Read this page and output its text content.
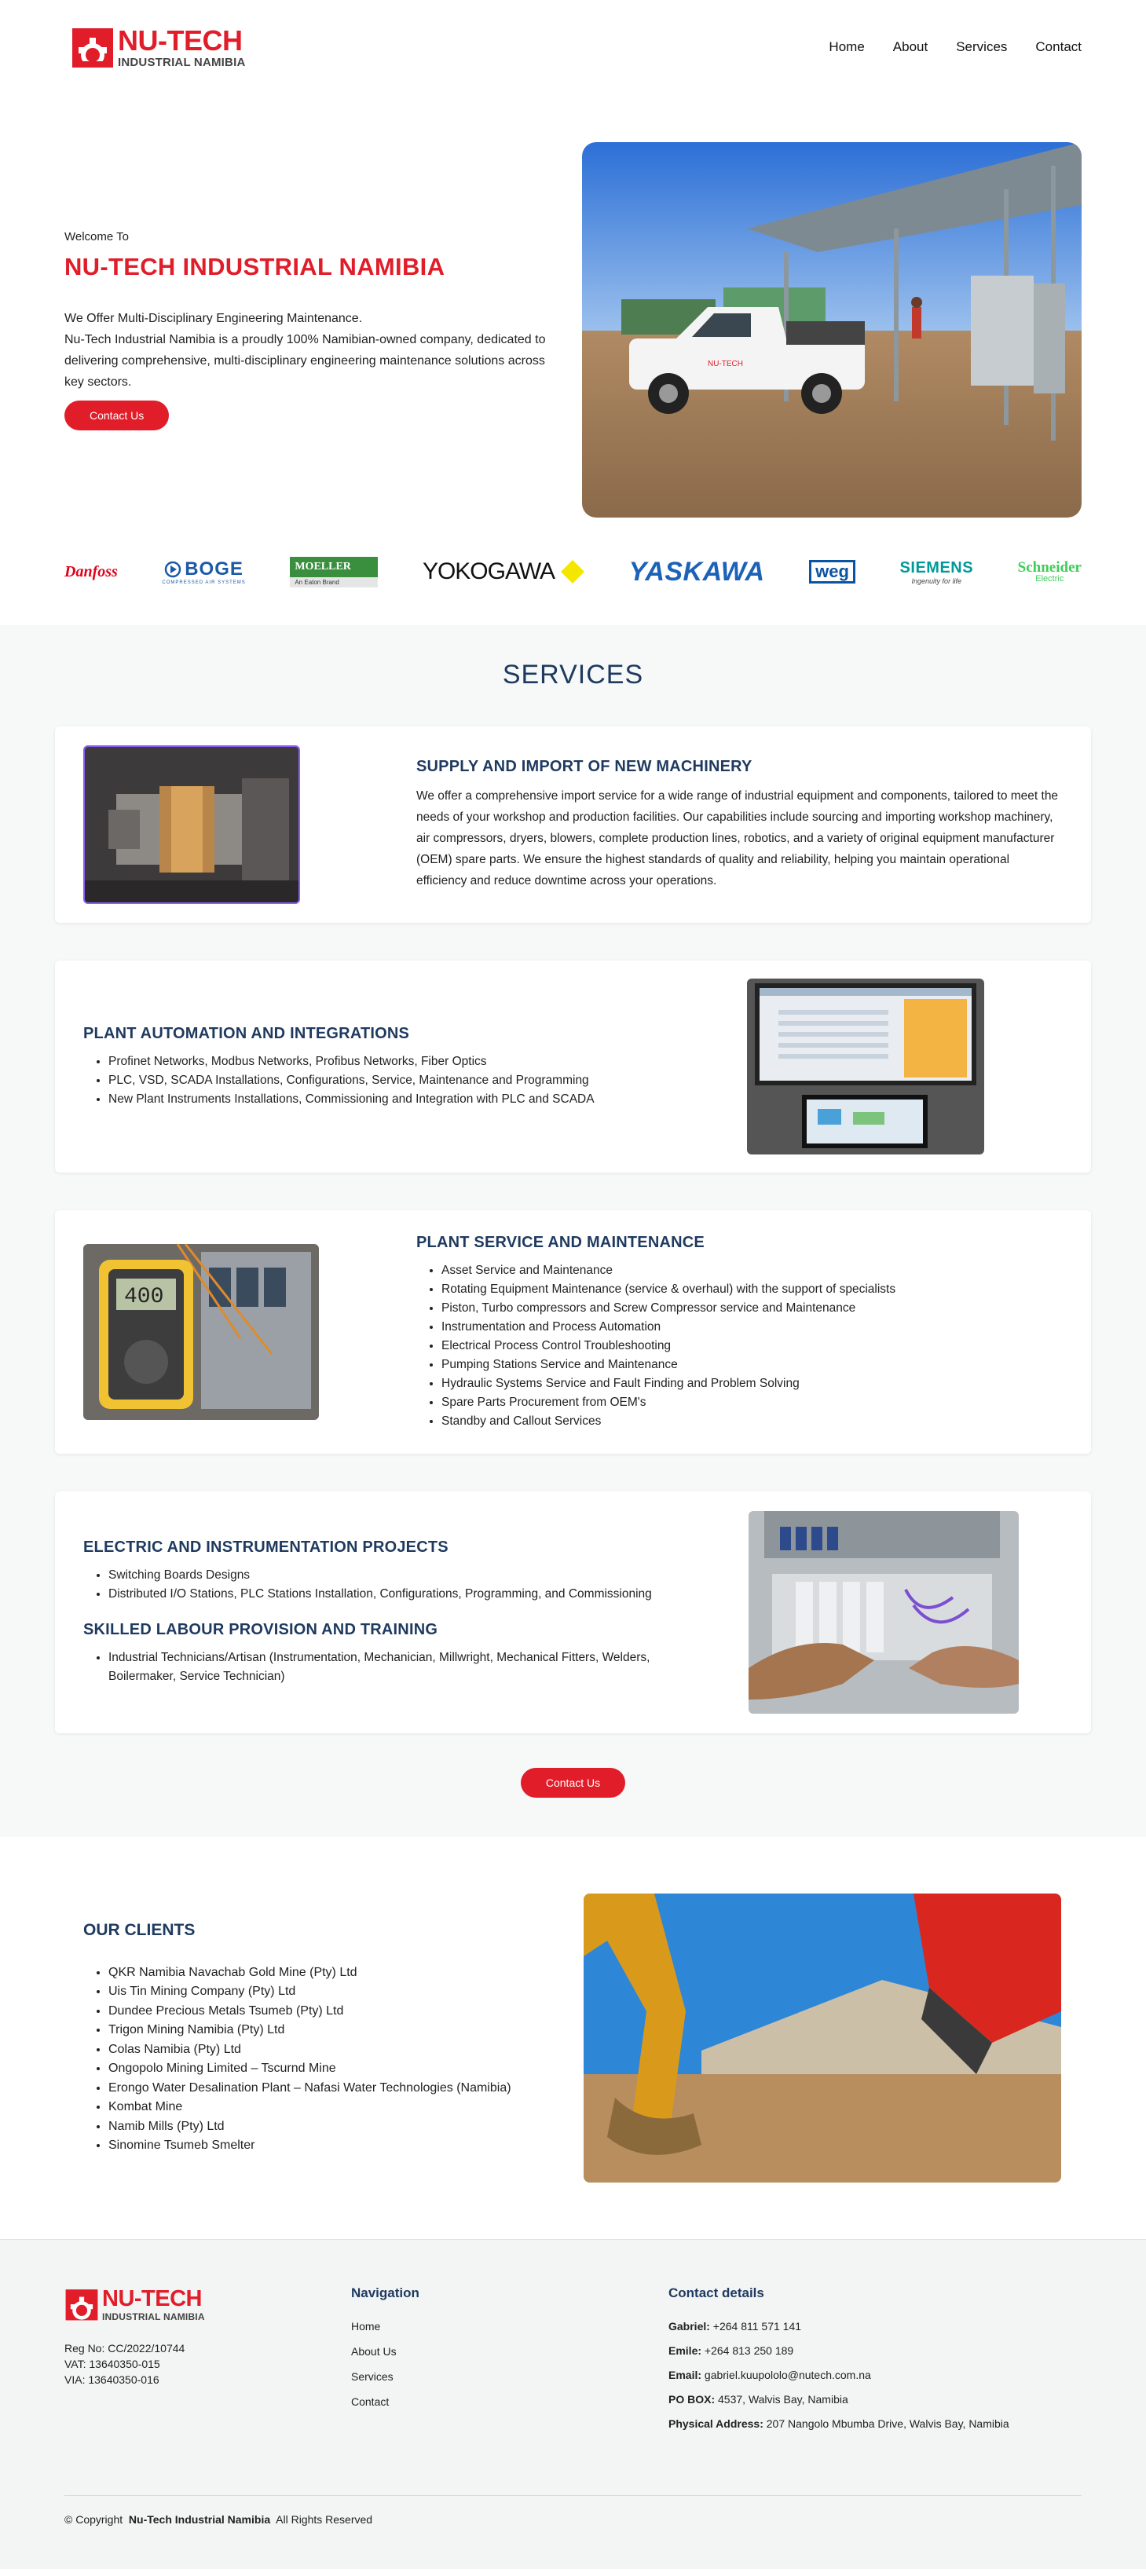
NU-TECH
INDUSTRIAL NAMIBIA
Home About Services Contact
Welcome To
NU-TECH INDUSTRIAL NAMIBIA

We Offer Multi-Disciplinary Engineering Maintenance.

Nu-Tech Industrial Namibia is a proudly 100% Namibian-owned company, dedicated to delivering comprehensive, multi-disciplinary engineering maintenance solutions across key sectors.

Contact Us
NU-TECH
Danfoss	BOGE
COMPRESSED AIR SYSTEMS
MOELLER
An Eaton Brand	YOKOGAWA	YASKAWA	weg	SIEMENS
Ingenuity for life
Schneider
Electric
SERVICES
SUPPLY AND IMPORT OF NEW MACHINERY

We offer a comprehensive import service for a wide range of industrial equipment and components, tailored to meet the needs of your workshop and production facilities. Our capabilities include sourcing and importing workshop machinery, air compressors, dryers, blowers, complete production lines, robotics, and a variety of original equipment manufacturer (OEM) spare parts. We ensure the highest standards of quality and reliability, helping you maintain operational efficiency and reduce downtime across your operations.

PLANT AUTOMATION AND INTEGRATIONS
• Profinet Networks, Modbus Networks, Profibus Networks, Fiber Optics
• PLC, VSD, SCADA Installations, Configurations, Service, Maintenance and Programming
• New Plant Instruments Installations, Commissioning and Integration with PLC and SCADA
400
PLANT SERVICE AND MAINTENANCE
• Asset Service and Maintenance
• Rotating Equipment Maintenance (service & overhaul) with the support of specialists
• Piston, Turbo compressors and Screw Compressor service and Maintenance
• Instrumentation and Process Automation
• Electrical Process Control Troubleshooting
• Pumping Stations Service and Maintenance
• Hydraulic Systems Service and Fault Finding and Problem Solving
• Spare Parts Procurement from OEM's
• Standby and Callout Services
ELECTRIC AND INSTRUMENTATION PROJECTS
• Switching Boards Designs
• Distributed I/O Stations, PLC Stations Installation, Configurations, Programming, and Commissioning
SKILLED LABOUR PROVISION AND TRAINING
• Industrial Technicians/Artisan (Instrumentation, Mechanician, Millwright, Mechanical Fitters, Welders, Boilermaker, Service Technician)
Contact Us
OUR CLIENTS
• QKR Namibia Navachab Gold Mine (Pty) Ltd
• Uis Tin Mining Company (Pty) Ltd
• Dundee Precious Metals Tsumeb (Pty) Ltd
• Trigon Mining Namibia (Pty) Ltd
• Colas Namibia (Pty) Ltd
• Ongopolo Mining Limited – Tscurnd Mine
• Erongo Water Desalination Plant – Nafasi Water Technologies (Namibia)
• Kombat Mine
• Namib Mills (Pty) Ltd
• Sinomine Tsumeb Smelter
NU-TECH
INDUSTRIAL NAMIBIA
Reg No: CC/2022/10744
VAT: 13640350-015
VIA: 13640350-016
Navigation
Home
About Us
Services
Contact
Contact details
Gabriel: +264 811 571 141
Emile: +264 813 250 189
Email: gabriel.kuupololo@nutech.com.na
PO BOX: 4537, Walvis Bay, Namibia
Physical Address: 207 Nangolo Mbumba Drive, Walvis Bay, Namibia
© Copyright Nu-Tech Industrial Namibia All Rights Reserved
